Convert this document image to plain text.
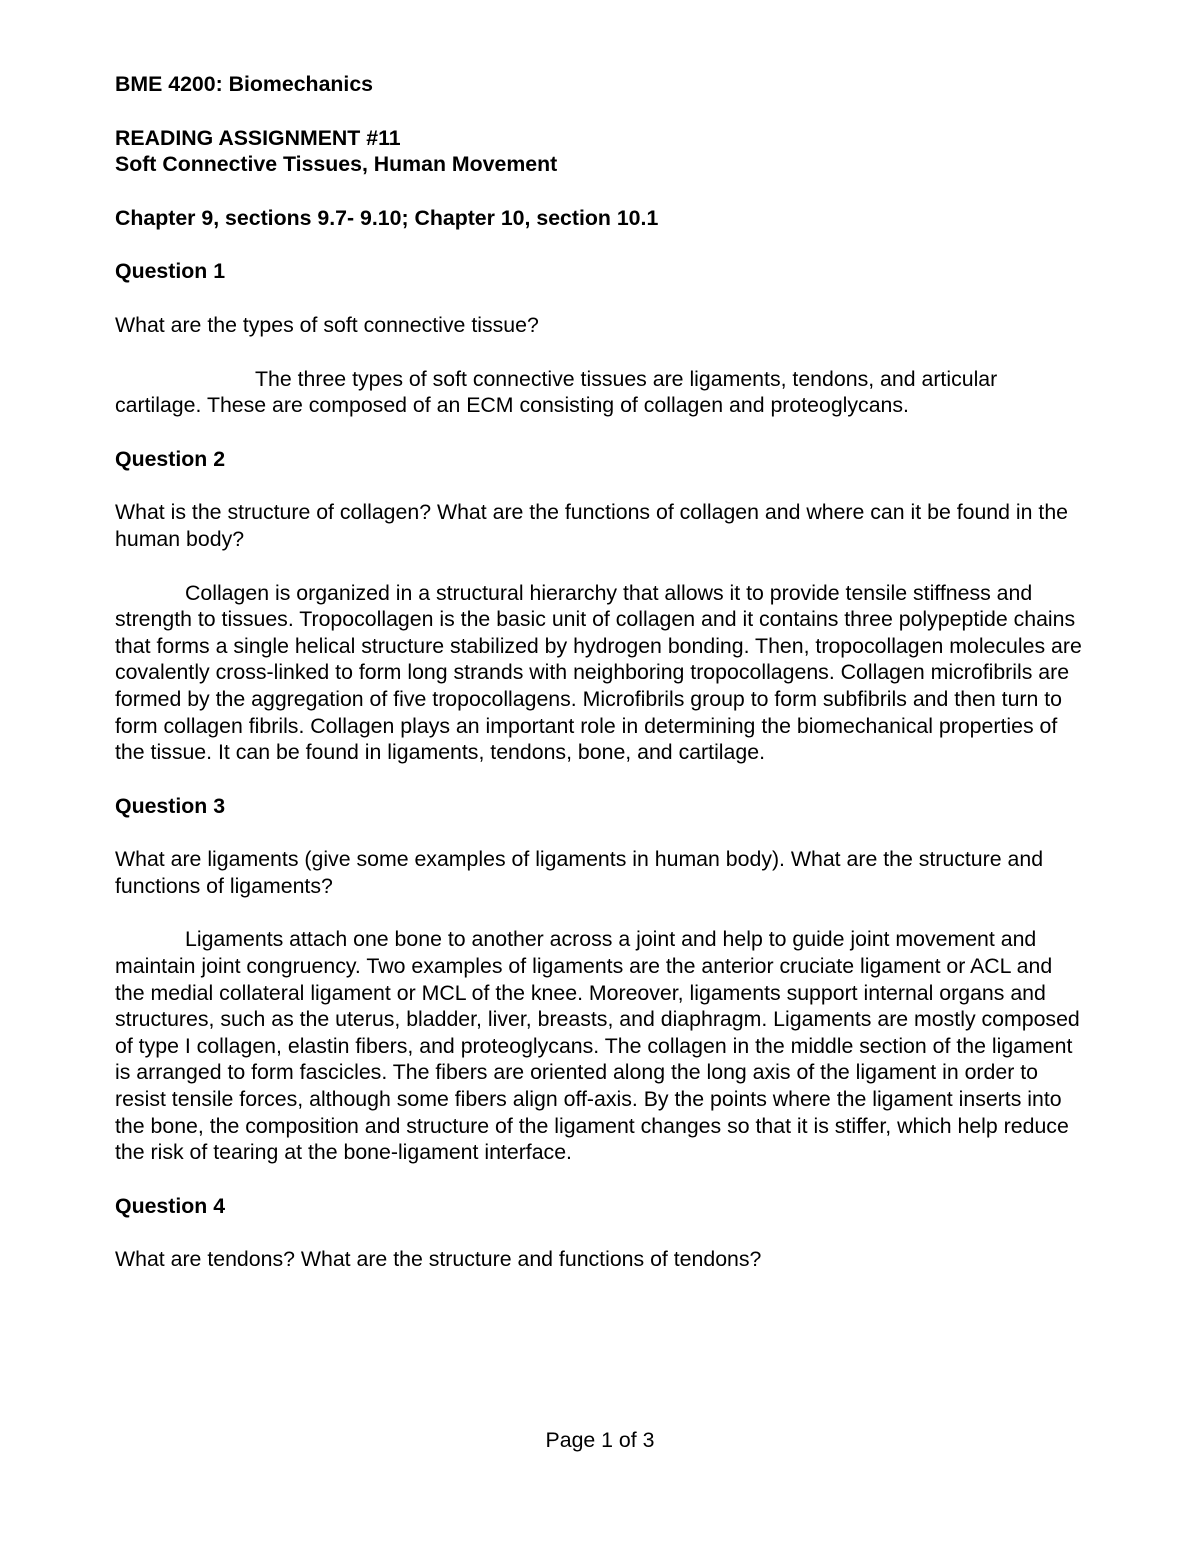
BME 4200: Biomechanics

READING ASSIGNMENT #11

Soft Connective Tissues, Human Movement

Chapter 9, sections 9.7- 9.10; Chapter 10, section 10.1

Question 1

What are the types of soft connective tissue?

The three types of soft connective tissues are ligaments, tendons, and articular cartilage. These are composed of an ECM consisting of collagen and proteoglycans.

Question 2

What is the structure of collagen? What are the functions of collagen and where can it be found in the human body?

Collagen is organized in a structural hierarchy that allows it to provide tensile stiffness and strength to tissues. Tropocollagen is the basic unit of collagen and it contains three polypeptide chains that forms a single helical structure stabilized by hydrogen bonding. Then, tropocollagen molecules are covalently cross-linked to form long strands with neighboring tropocollagens. Collagen microfibrils are formed by the aggregation of five tropocollagens. Microfibrils group to form subfibrils and then turn to form collagen fibrils. Collagen plays an important role in determining the biomechanical properties of the tissue. It can be found in ligaments, tendons, bone, and cartilage.

Question 3

What are ligaments (give some examples of ligaments in human body). What are the structure and functions of ligaments?

Ligaments attach one bone to another across a joint and help to guide joint movement and maintain joint congruency. Two examples of ligaments are the anterior cruciate ligament or ACL and the medial collateral ligament or MCL of the knee. Moreover, ligaments support internal organs and structures, such as the uterus, bladder, liver, breasts, and diaphragm. Ligaments are mostly composed of type I collagen, elastin fibers, and proteoglycans. The collagen in the middle section of the ligament is arranged to form fascicles. The fibers are oriented along the long axis of the ligament in order to resist tensile forces, although some fibers align off-axis. By the points where the ligament inserts into the bone, the composition and structure of the ligament changes so that it is stiffer, which help reduce the risk of tearing at the bone-ligament interface.

Question 4

What are tendons? What are the structure and functions of tendons?

Page 1 of 3
